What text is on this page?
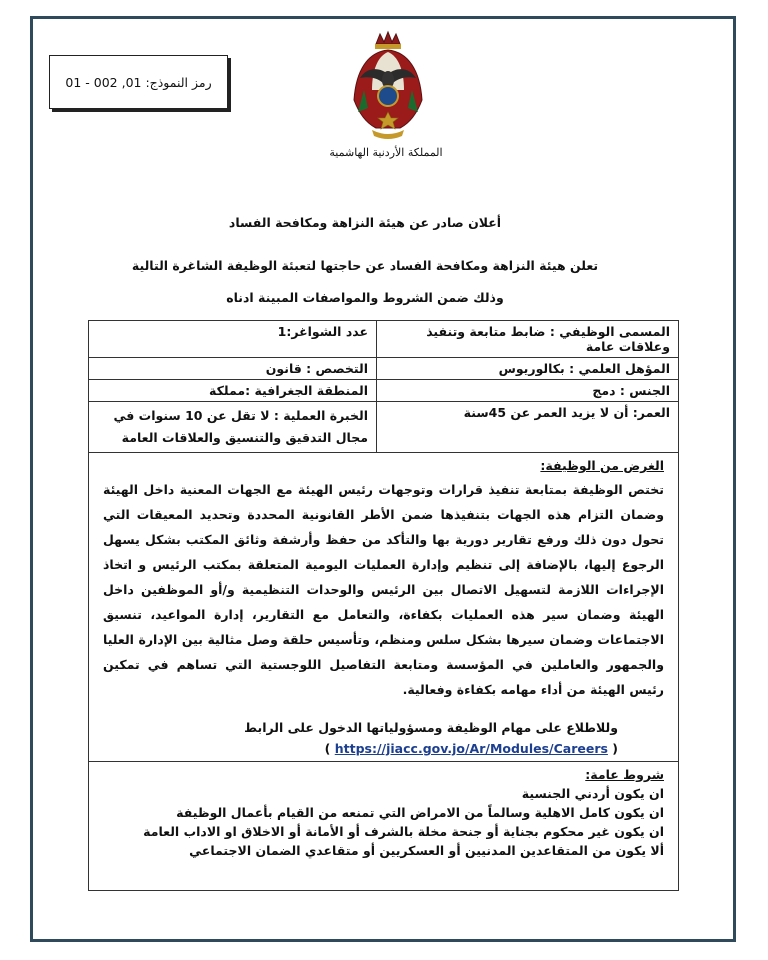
رمز النموذج: 01, 002 - 01
المملكة الأردنية الهاشمية
أعلان صادر عن هيئة النزاهة ومكافحة الفساد
تعلن هيئة النزاهة ومكافحة الفساد عن حاجتها لتعبئة الوظيفة الشاغرة التالية
وذلك ضمن الشروط والمواصفات المبينة ادناه
المسمى الوظيفي : ضابط متابعة وتنفيذ وعلاقات عامة	عدد الشواغر:1
المؤهل العلمي : بكالوريوس	التخصص : قانون
الجنس : دمج	المنطقة الجغرافية :مملكة
العمر: أن لا يزيد العمر عن 45سنة	الخبرة العملية : لا تقل عن 10 سنوات في مجال التدقيق والتنسيق والعلاقات العامة

الغرض من الوظيفة:

تختص الوظيفة بمتابعة تنفيذ قرارات وتوجهات رئيس الهيئة مع الجهات المعنية داخل الهيئة وضمان التزام هذه الجهات بتنفيذها ضمن الأطر القانونية المحددة وتحديد المعيقات التي تحول دون ذلك ورفع تقارير دورية بها والتأكد من حفظ وأرشفة وثائق المكتب بشكل يسهل الرجوع إليها، بالإضافة إلى تنظيم وإدارة العمليات اليومية المتعلقة بمكتب الرئيس و اتخاذ الإجراءات اللازمة لتسهيل الاتصال بين الرئيس والوحدات التنظيمية و/أو الموظفين داخل الهيئة وضمان سير هذه العمليات بكفاءة، والتعامل مع التقارير، إدارة المواعيد، تنسيق الاجتماعات وضمان سيرها بشكل سلس ومنظم، وتأسيس حلقة وصل مثالية بين الإدارة العليا والجمهور والعاملين في المؤسسة ومتابعة التفاصيل اللوجستية التي تساهم في تمكين رئيس الهيئة من أداء مهامه بكفاءة وفعالية.

وللاطلاع على مهام الوظيفة ومسؤولياتها الدخول على الرابط
( https://jiacc.gov.jo/Ar/Modules/Careers )	

شروط عامة:
ان يكون أردني الجنسية
ان يكون كامل الاهلية وسالماً من الامراض التي تمنعه من القيام بأعمال الوظيفة
ان يكون غير محكوم بجناية أو جنحة مخلة بالشرف أو الأمانة أو الاخلاق او الاداب العامة
ألا يكون من المتقاعدين المدنيين أو العسكريين أو متقاعدي الضمان الاجتماعي	
